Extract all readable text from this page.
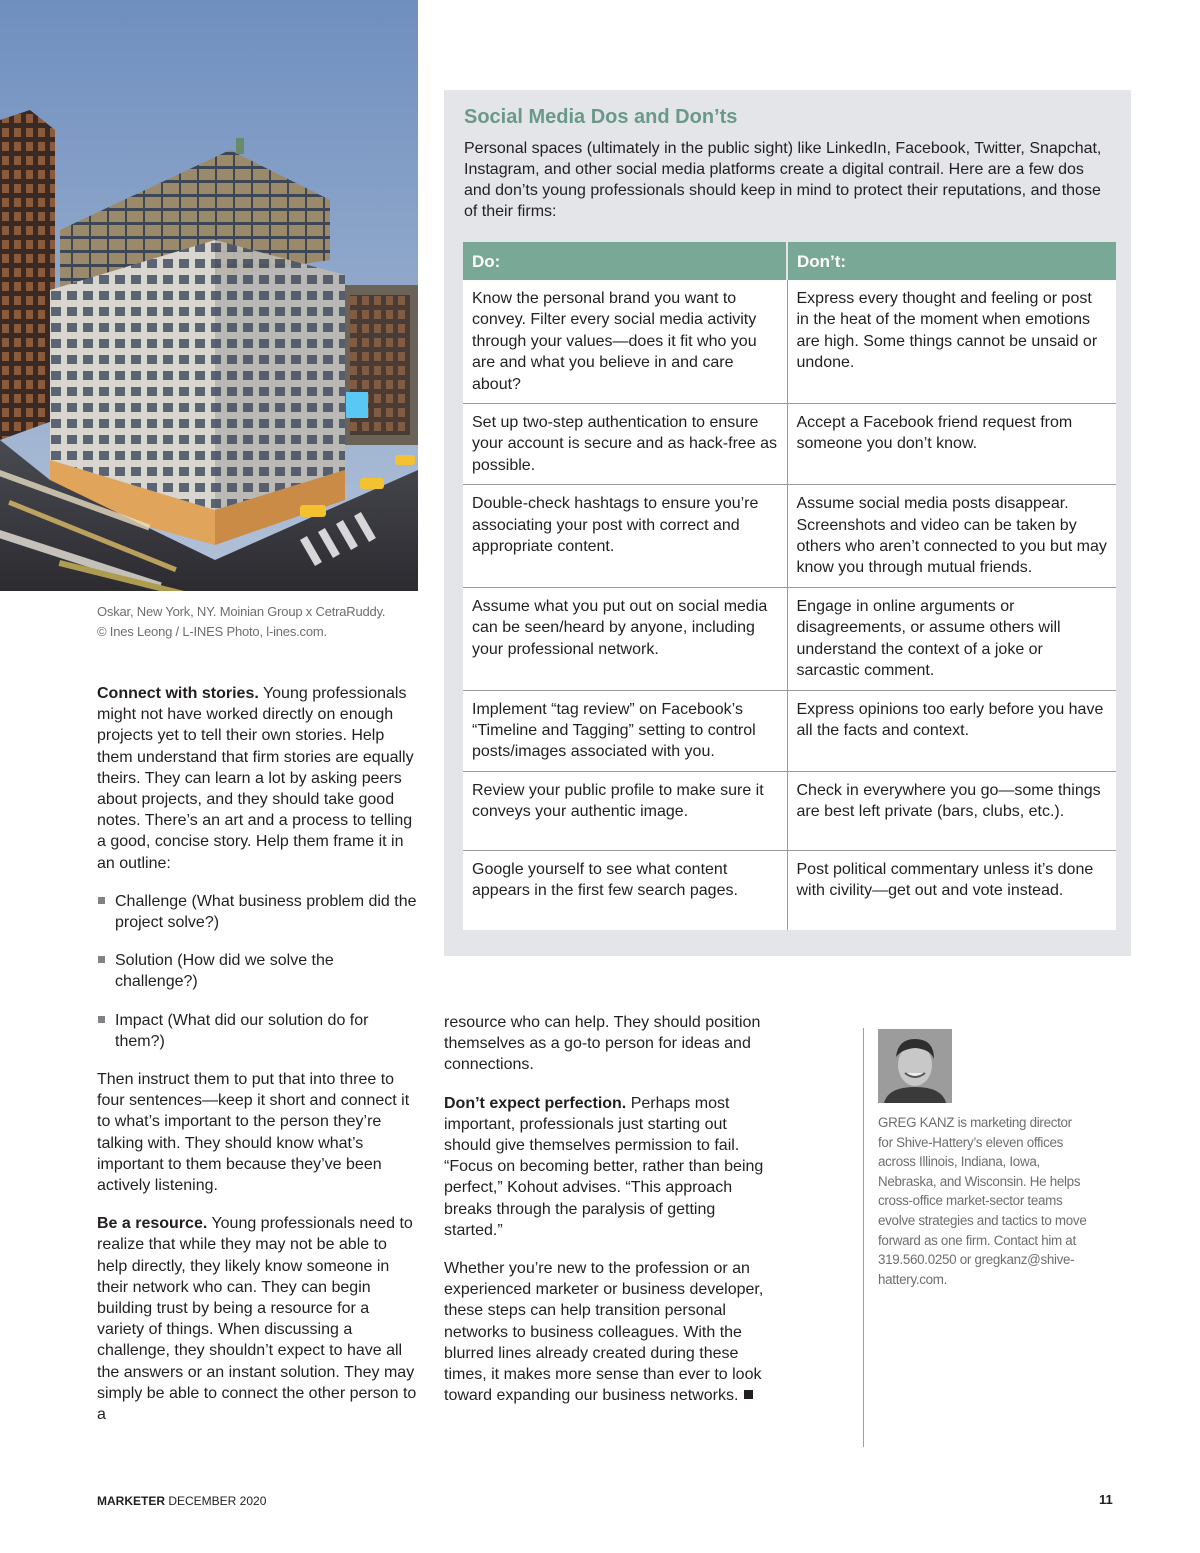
Oskar, New York, NY. Moinian Group x CetraRuddy.
© Ines Leong / L-INES Photo, l-ines.com.
Social Media Dos and Don’ts
Personal spaces (ultimately in the public sight) like LinkedIn, Facebook, Twitter, Snapchat, Instagram, and other social media platforms create a digital contrail. Here are a few dos and don’ts young professionals should keep in mind to protect their reputations, and those of their firms:
Do:	Don’t:
Know the personal brand you want to convey. Filter every social media activity through your values—does it fit who you are and what you believe in and care about?	Express every thought and feeling or post in the heat of the moment when emotions are high. Some things cannot be unsaid or undone.
Set up two-step authentication to ensure your account is secure and as hack-free as possible.	Accept a Facebook friend request from someone you don’t know.
Double-check hashtags to ensure you’re associating your post with correct and appropriate content.	Assume social media posts disappear. Screenshots and video can be taken by others who aren’t connected to you but may know you through mutual friends.
Assume what you put out on social media can be seen/heard by anyone, including your professional network.	Engage in online arguments or disagreements, or assume others will understand the context of a joke or sarcastic comment.
Implement “tag review” on Facebook’s “Timeline and Tagging” setting to control posts/images associated with you.	Express opinions too early before you have all the facts and context.
Review your public profile to make sure it conveys your authentic image.	Check in everywhere you go—some things are best left private (bars, clubs, etc.).
Google yourself to see what content appears in the first few search pages.	Post political commentary unless it’s done with civility—get out and vote instead.

Connect with stories. Young professionals might not have worked directly on enough projects yet to tell their own stories. Help them understand that firm stories are equally theirs. They can learn a lot by asking peers about projects, and they should take good notes. There’s an art and a process to telling a good, concise story. Help them frame it in an outline:

Challenge (What business problem did the project solve?)
Solution (How did we solve the challenge?)
Impact (What did our solution do for them?)

Then instruct them to put that into three to four sentences—keep it short and connect it to what’s important to the person they’re talking with. They should know what’s important to them because they’ve been actively listening.

Be a resource. Young professionals need to realize that while they may not be able to help directly, they likely know someone in their network who can. They can begin building trust by being a resource for a variety of things. When discussing a challenge, they shouldn’t expect to have all the answers or an instant solution. They may simply be able to connect the other person to a

resource who can help. They should position themselves as a go-to person for ideas and connections.

Don’t expect perfection. Perhaps most important, professionals just starting out should give themselves permission to fail. “Focus on becoming better, rather than being perfect,” Kohout advises. “This approach breaks through the paralysis of getting started.”

Whether you’re new to the profession or an experienced marketer or business developer, these steps can help transition personal networks to business colleagues. With the blurred lines already created during these times, it makes more sense than ever to look toward expanding our business networks.

GREG KANZ is marketing director for Shive-Hattery’s eleven offices across Illinois, Indiana, Iowa, Nebraska, and Wisconsin. He helps cross-office market-sector teams evolve strategies and tactics to move forward as one firm. Contact him at 319.560.0250 or gregkanz@shive-hattery.com.
MARKETER DECEMBER 2020	11
